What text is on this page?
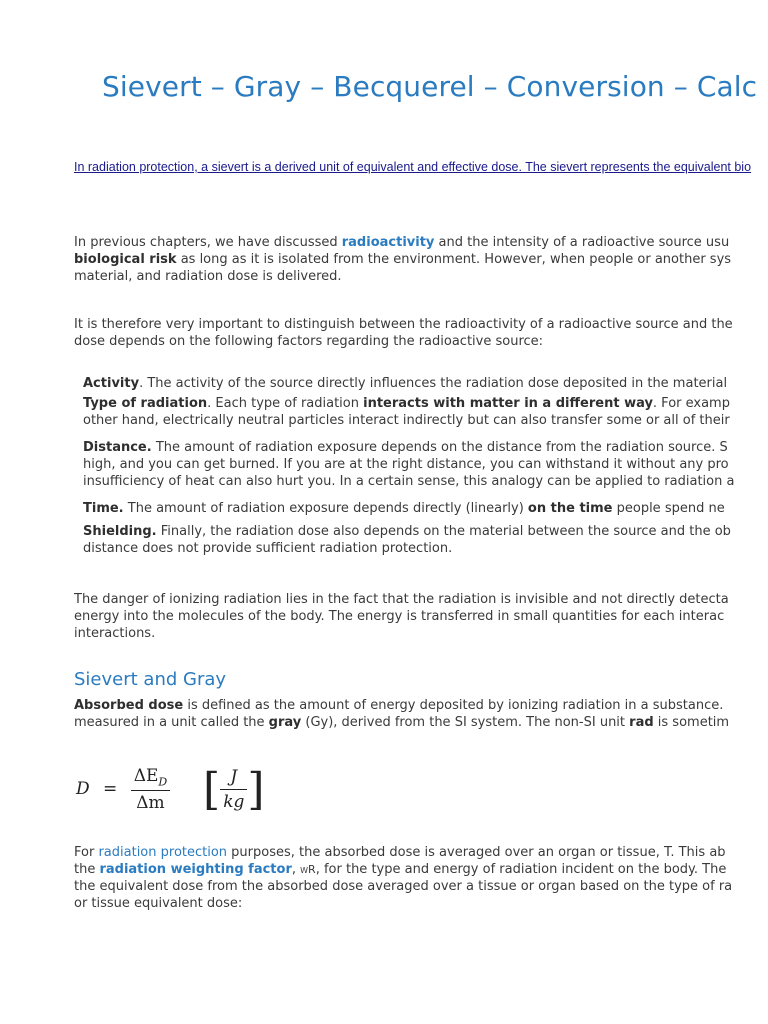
Sievert – Gray – Becquerel – Conversion – Calc
In radiation protection, a sievert is a derived unit of equivalent and effective dose. The sievert represents the equivalent bio

In previous chapters, we have discussed radioactivity and the intensity of a radioactive source usu
biological risk as long as it is isolated from the environment. However, when people or another sys
material, and radiation dose is delivered.

It is therefore very important to distinguish between the radioactivity of a radioactive source and the
dose depends on the following factors regarding the radioactive source:

Activity. The activity of the source directly influences the radiation dose deposited in the material
Type of radiation. Each type of radiation interacts with matter in a different way. For examp
other hand, electrically neutral particles interact indirectly but can also transfer some or all of their
Distance. The amount of radiation exposure depends on the distance from the radiation source. S
high, and you can get burned. If you are at the right distance, you can withstand it without any pro
insufficiency of heat can also hurt you. In a certain sense, this analogy can be applied to radiation a
Time. The amount of radiation exposure depends directly (linearly) on the time people spend ne
Shielding. Finally, the radiation dose also depends on the material between the source and the ob
distance does not provide sufficient radiation protection.

The danger of ionizing radiation lies in the fact that the radiation is invisible and not directly detecta
energy into the molecules of the body. The energy is transferred in small quantities for each interac
interactions.

Sievert and Gray

Absorbed dose is defined as the amount of energy deposited by ionizing radiation in a substance.
measured in a unit called the gray (Gy), derived from the SI system. The non-SI unit rad is sometim

$D = \frac{\Delta E_D}{\Delta m}$ [ $\frac{J}{kg}$ ]

For radiation protection purposes, the absorbed dose is averaged over an organ or tissue, T. This ab
the radiation weighting factor, wR, for the type and energy of radiation incident on the body. The
the equivalent dose from the absorbed dose averaged over a tissue or organ based on the type of ra
or tissue equivalent dose:
